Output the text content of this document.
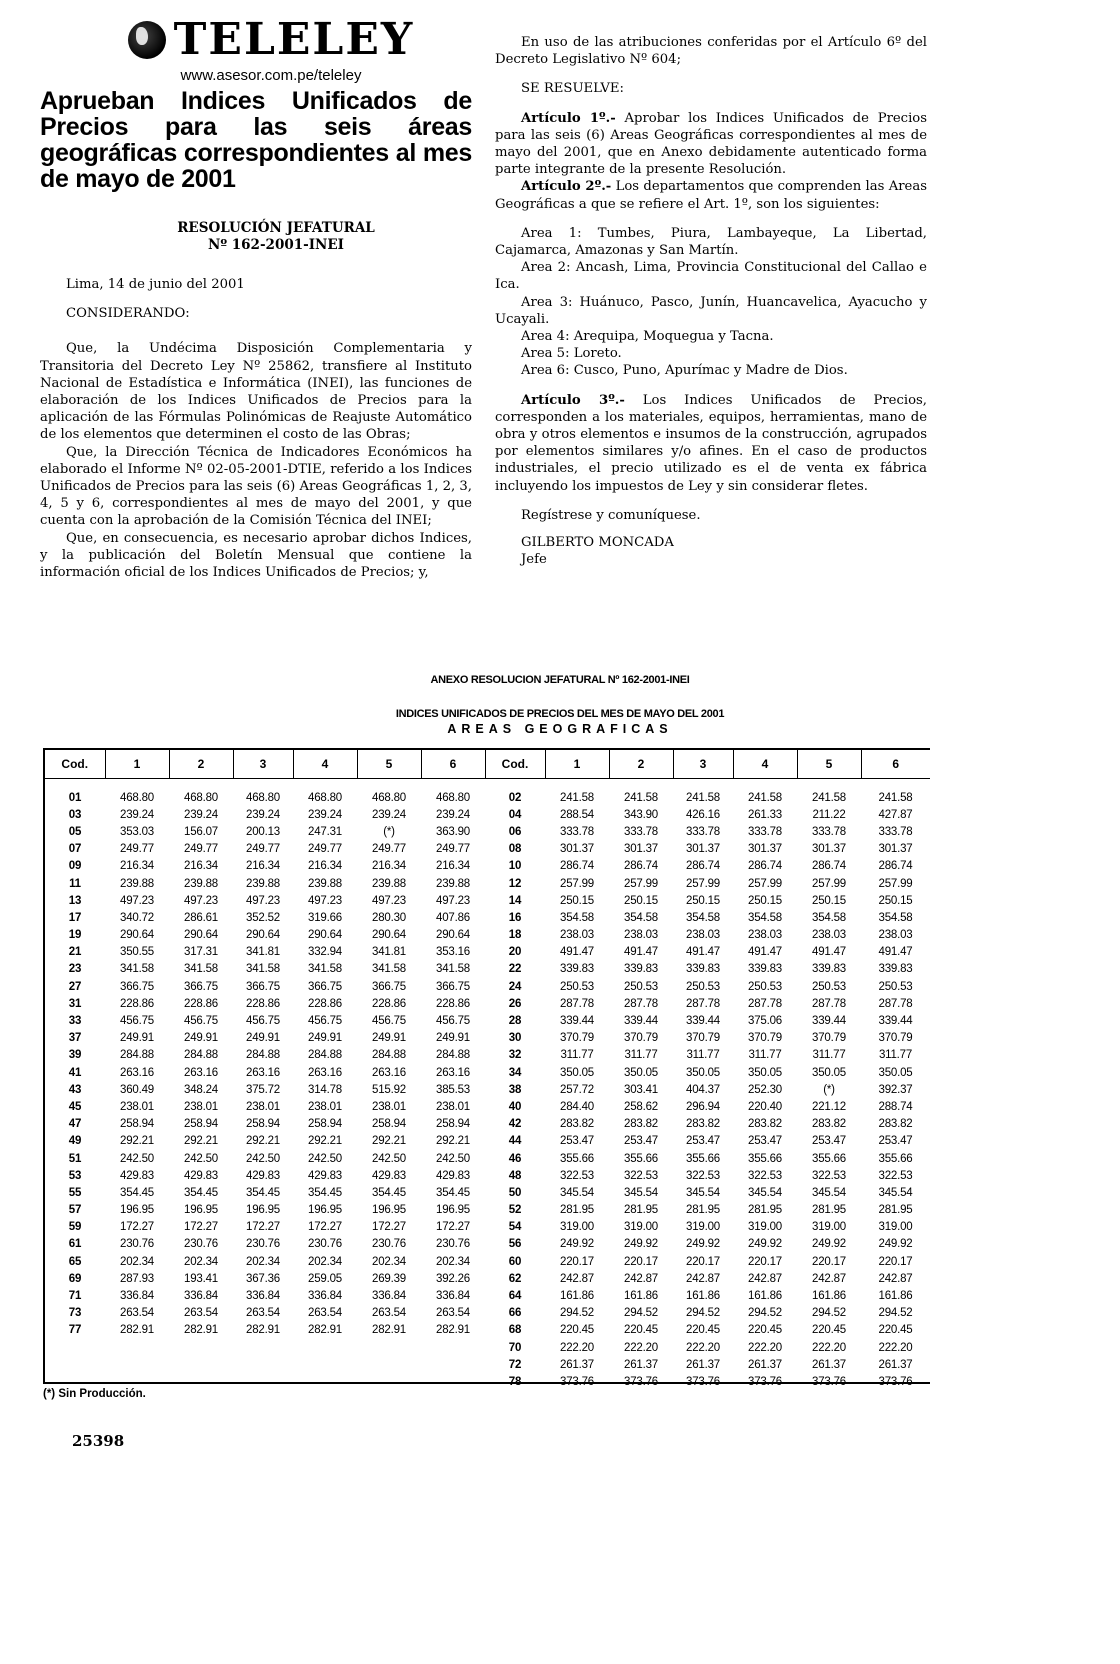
TELELEY
www.asesor.com.pe/teleley
Aprueban Indices Unificados de Precios para las seis áreas geográficas correspondientes al mes de mayo de 2001
RESOLUCIÓN JEFATURAL
Nº 162-2001-INEI

Lima, 14 de junio del 2001

CONSIDERANDO:

Que, la Undécima Disposición Complementaria y Transitoria del Decreto Ley Nº 25862, transfiere al Instituto Nacional de Estadística e Informática (INEI), las funciones de elaboración de los Indices Unificados de Precios para la aplicación de las Fórmulas Polinómicas de Reajuste Automático de los elementos que determinen el costo de las Obras;

Que, la Dirección Técnica de Indicadores Económicos ha elaborado el Informe Nº 02-05-2001-DTIE, referido a los Indices Unificados de Precios para las seis (6) Areas Geográficas 1, 2, 3, 4, 5 y 6, correspondientes al mes de mayo del 2001, y que cuenta con la aprobación de la Comisión Técnica del INEI;

Que, en consecuencia, es necesario aprobar dichos Indices, y la publicación del Boletín Mensual que contiene la información oficial de los Indices Unificados de Precios; y,

En uso de las atribuciones conferidas por el Artículo 6º del Decreto Legislativo Nº 604;

SE RESUELVE:

Artículo 1º.- Aprobar los Indices Unificados de Precios para las seis (6) Areas Geográficas correspondientes al mes de mayo del 2001, que en Anexo debidamente autenticado forma parte integrante de la presente Resolución.

Artículo 2º.- Los departamentos que comprenden las Areas Geográficas a que se refiere el Art. 1º, son los siguientes:

Area 1: Tumbes, Piura, Lambayeque, La Libertad, Cajamarca, Amazonas y San Martín.

Area 2: Ancash, Lima, Provincia Constitucional del Callao e Ica.

Area 3: Huánuco, Pasco, Junín, Huancavelica, Ayacucho y Ucayali.

Area 4: Arequipa, Moquegua y Tacna.

Area 5: Loreto.

Area 6: Cusco, Puno, Apurímac y Madre de Dios.

Artículo 3º.- Los Indices Unificados de Precios, corresponden a los materiales, equipos, herramientas, mano de obra y otros elementos e insumos de la construcción, agrupados por elementos similares y/o afines. En el caso de productos industriales, el precio utilizado es el de venta ex fábrica incluyendo los impuestos de Ley y sin considerar fletes.

Regístrese y comuníquese.

GILBERTO MONCADA

Jefe

ANEXO RESOLUCION JEFATURAL Nº 162-2001-INEI
INDICES UNIFICADOS DE PRECIOS DEL MES DE MAYO DEL 2001
AREAS GEOGRAFICAS
Cod.	1	2	3	4	5	6	Cod.	1	2	3	4	5	6
01	468.80	468.80	468.80	468.80	468.80	468.80	02	241.58	241.58	241.58	241.58	241.58	241.58
03	239.24	239.24	239.24	239.24	239.24	239.24	04	288.54	343.90	426.16	261.33	211.22	427.87
05	353.03	156.07	200.13	247.31	(*)	363.90	06	333.78	333.78	333.78	333.78	333.78	333.78
07	249.77	249.77	249.77	249.77	249.77	249.77	08	301.37	301.37	301.37	301.37	301.37	301.37
09	216.34	216.34	216.34	216.34	216.34	216.34	10	286.74	286.74	286.74	286.74	286.74	286.74
11	239.88	239.88	239.88	239.88	239.88	239.88	12	257.99	257.99	257.99	257.99	257.99	257.99
13	497.23	497.23	497.23	497.23	497.23	497.23	14	250.15	250.15	250.15	250.15	250.15	250.15
17	340.72	286.61	352.52	319.66	280.30	407.86	16	354.58	354.58	354.58	354.58	354.58	354.58
19	290.64	290.64	290.64	290.64	290.64	290.64	18	238.03	238.03	238.03	238.03	238.03	238.03
21	350.55	317.31	341.81	332.94	341.81	353.16	20	491.47	491.47	491.47	491.47	491.47	491.47
23	341.58	341.58	341.58	341.58	341.58	341.58	22	339.83	339.83	339.83	339.83	339.83	339.83
27	366.75	366.75	366.75	366.75	366.75	366.75	24	250.53	250.53	250.53	250.53	250.53	250.53
31	228.86	228.86	228.86	228.86	228.86	228.86	26	287.78	287.78	287.78	287.78	287.78	287.78
33	456.75	456.75	456.75	456.75	456.75	456.75	28	339.44	339.44	339.44	375.06	339.44	339.44
37	249.91	249.91	249.91	249.91	249.91	249.91	30	370.79	370.79	370.79	370.79	370.79	370.79
39	284.88	284.88	284.88	284.88	284.88	284.88	32	311.77	311.77	311.77	311.77	311.77	311.77
41	263.16	263.16	263.16	263.16	263.16	263.16	34	350.05	350.05	350.05	350.05	350.05	350.05
43	360.49	348.24	375.72	314.78	515.92	385.53	38	257.72	303.41	404.37	252.30	(*)	392.37
45	238.01	238.01	238.01	238.01	238.01	238.01	40	284.40	258.62	296.94	220.40	221.12	288.74
47	258.94	258.94	258.94	258.94	258.94	258.94	42	283.82	283.82	283.82	283.82	283.82	283.82
49	292.21	292.21	292.21	292.21	292.21	292.21	44	253.47	253.47	253.47	253.47	253.47	253.47
51	242.50	242.50	242.50	242.50	242.50	242.50	46	355.66	355.66	355.66	355.66	355.66	355.66
53	429.83	429.83	429.83	429.83	429.83	429.83	48	322.53	322.53	322.53	322.53	322.53	322.53
55	354.45	354.45	354.45	354.45	354.45	354.45	50	345.54	345.54	345.54	345.54	345.54	345.54
57	196.95	196.95	196.95	196.95	196.95	196.95	52	281.95	281.95	281.95	281.95	281.95	281.95
59	172.27	172.27	172.27	172.27	172.27	172.27	54	319.00	319.00	319.00	319.00	319.00	319.00
61	230.76	230.76	230.76	230.76	230.76	230.76	56	249.92	249.92	249.92	249.92	249.92	249.92
65	202.34	202.34	202.34	202.34	202.34	202.34	60	220.17	220.17	220.17	220.17	220.17	220.17
69	287.93	193.41	367.36	259.05	269.39	392.26	62	242.87	242.87	242.87	242.87	242.87	242.87
71	336.84	336.84	336.84	336.84	336.84	336.84	64	161.86	161.86	161.86	161.86	161.86	161.86
73	263.54	263.54	263.54	263.54	263.54	263.54	66	294.52	294.52	294.52	294.52	294.52	294.52
77	282.91	282.91	282.91	282.91	282.91	282.91	68	220.45	220.45	220.45	220.45	220.45	220.45
							70	222.20	222.20	222.20	222.20	222.20	222.20
							72	261.37	261.37	261.37	261.37	261.37	261.37
							78	373.76	373.76	373.76	373.76	373.76	373.76
(*) Sin Producción.
25398
